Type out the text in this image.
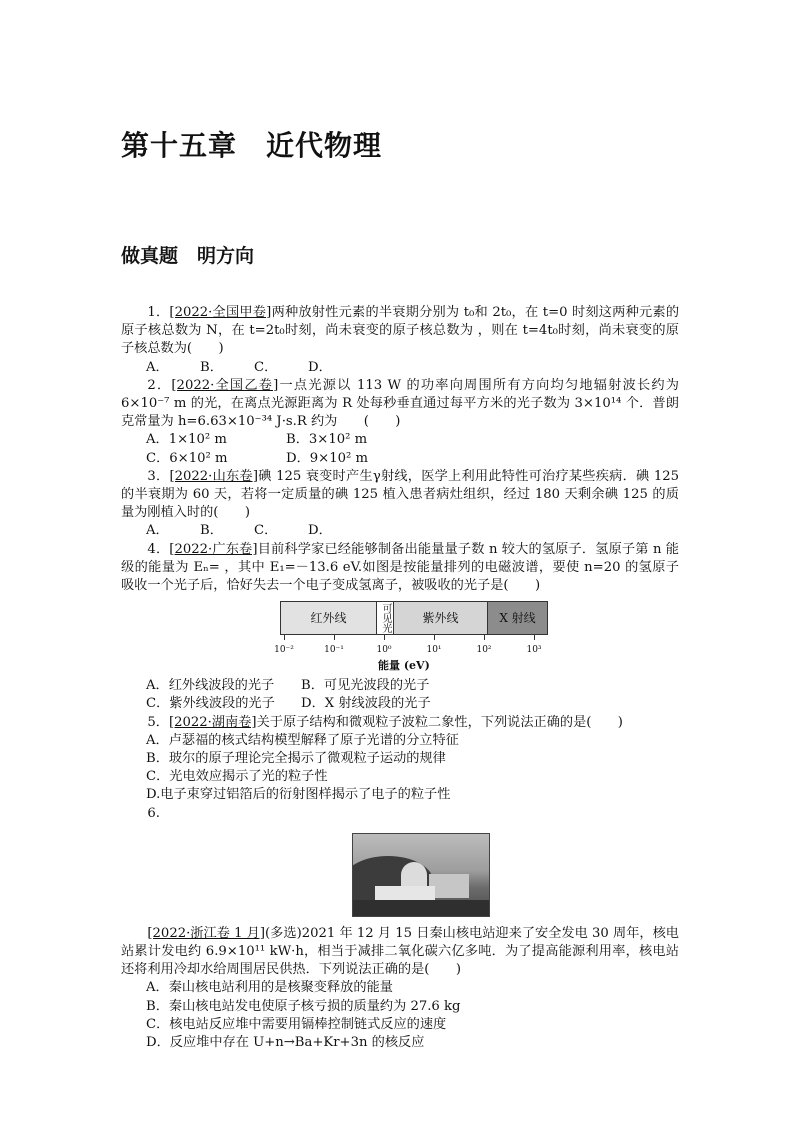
第十五章　近代物理
做真题　明方向

1．[2022·全国甲卷]两种放射性元素的半衰期分别为 t₀和 2t₀，在 t=0 时刻这两种元素的原子核总数为 N，在 t=2t₀时刻，尚未衰变的原子核总数为 ，则在 t=4t₀时刻，尚未衰变的原子核总数为(　　)

A． B． C． D．

2．[2022·全国乙卷]一点光源以 113 W 的功率向周围所有方向均匀地辐射波长约为 6×10⁻⁷ m 的光，在离点光源距离为 R 处每秒垂直通过每平方米的光子数为 3×10¹⁴ 个．普朗克常量为 h=6.63×10⁻³⁴ J·s.R 约为　　(　　)

A．1×10² m	B．3×10² m
C．6×10² m	D．9×10² m

3．[2022·山东卷]碘 125 衰变时产生γ射线，医学上利用此特性可治疗某些疾病．碘 125 的半衰期为 60 天，若将一定质量的碘 125 植入患者病灶组织，经过 180 天剩余碘 125 的质量为刚植入时的(　　)

A． B． C． D．

4．[2022·广东卷]目前科学家已经能够制备出能量量子数 n 较大的氢原子．氢原子第 n 能级的能量为 Eₙ= ，其中 E₁=－13.6 eV.如图是按能量排列的电磁波谱，要使 n=20 的氢原子吸收一个光子后，恰好失去一个电子变成氢离子，被吸收的光子是(　　)

红外线	可见光	紫外线	X 射线
10⁻²	10⁻¹	10⁰	10¹	10²	10³
能量 (eV)
A．红外线波段的光子 B．可见光波段的光子
C．紫外线波段的光子 D．X 射线波段的光子

5．[2022·湖南卷]关于原子结构和微观粒子波粒二象性，下列说法正确的是(　　)

A．卢瑟福的核式结构模型解释了原子光谱的分立特征
B．玻尔的原子理论完全揭示了微观粒子运动的规律
C．光电效应揭示了光的粒子性
D.电子束穿过铝箔后的衍射图样揭示了电子的粒子性

6.

[2022·浙江卷 1 月](多选)2021 年 12 月 15 日秦山核电站迎来了安全发电 30 周年，核电站累计发电约 6.9×10¹¹ kW·h，相当于减排二氧化碳六亿多吨．为了提高能源利用率，核电站还将利用冷却水给周围居民供热．下列说法正确的是(　　)

A．秦山核电站利用的是核聚变释放的能量
B．秦山核电站发电使原子核亏损的质量约为 27.6 kg
C．核电站反应堆中需要用镉棒控制链式反应的速度
D．反应堆中存在 U+n→Ba+Kr+3n 的核反应
